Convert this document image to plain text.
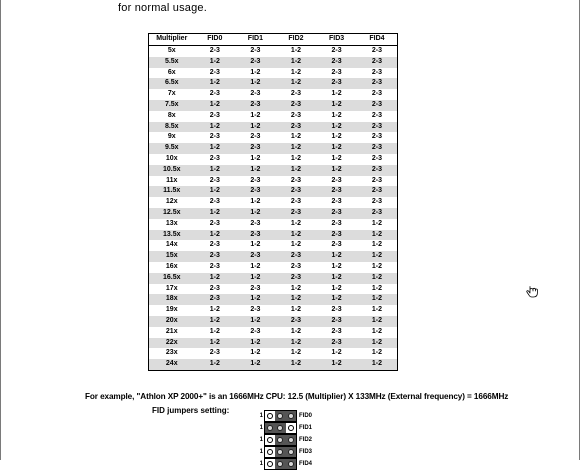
for normal usage.
Multiplier	FID0	FID1	FID2	FID3	FID4
5x	2-3	2-3	1-2	2-3	2-3
5.5x	1-2	2-3	1-2	2-3	2-3
6x	2-3	1-2	1-2	2-3	2-3
6.5x	1-2	1-2	1-2	2-3	2-3
7x	2-3	2-3	2-3	1-2	2-3
7.5x	1-2	2-3	2-3	1-2	2-3
8x	2-3	1-2	2-3	1-2	2-3
8.5x	1-2	1-2	2-3	1-2	2-3
9x	2-3	2-3	1-2	1-2	2-3
9.5x	1-2	2-3	1-2	1-2	2-3
10x	2-3	1-2	1-2	1-2	2-3
10.5x	1-2	1-2	1-2	1-2	2-3
11x	2-3	2-3	2-3	2-3	2-3
11.5x	1-2	2-3	2-3	2-3	2-3
12x	2-3	1-2	2-3	2-3	2-3
12.5x	1-2	1-2	2-3	2-3	2-3
13x	2-3	2-3	1-2	2-3	1-2
13.5x	1-2	2-3	1-2	2-3	1-2
14x	2-3	1-2	1-2	2-3	1-2
15x	2-3	2-3	2-3	1-2	1-2
16x	2-3	1-2	2-3	1-2	1-2
16.5x	1-2	1-2	2-3	1-2	1-2
17x	2-3	2-3	1-2	1-2	1-2
18x	2-3	1-2	1-2	1-2	1-2
19x	1-2	2-3	1-2	2-3	1-2
20x	1-2	1-2	2-3	2-3	1-2
21x	1-2	2-3	1-2	2-3	1-2
22x	1-2	1-2	1-2	2-3	1-2
23x	2-3	1-2	1-2	1-2	1-2
24x	1-2	1-2	1-2	1-2	1-2
For example, "Athlon XP 2000+" is an 1666MHz CPU: 12.5 (Multiplier) X 133MHz (External frequency) = 1666MHz
FID jumpers setting:
1	FID0
1	FID1
1	FID2
1	FID3
1	FID4
